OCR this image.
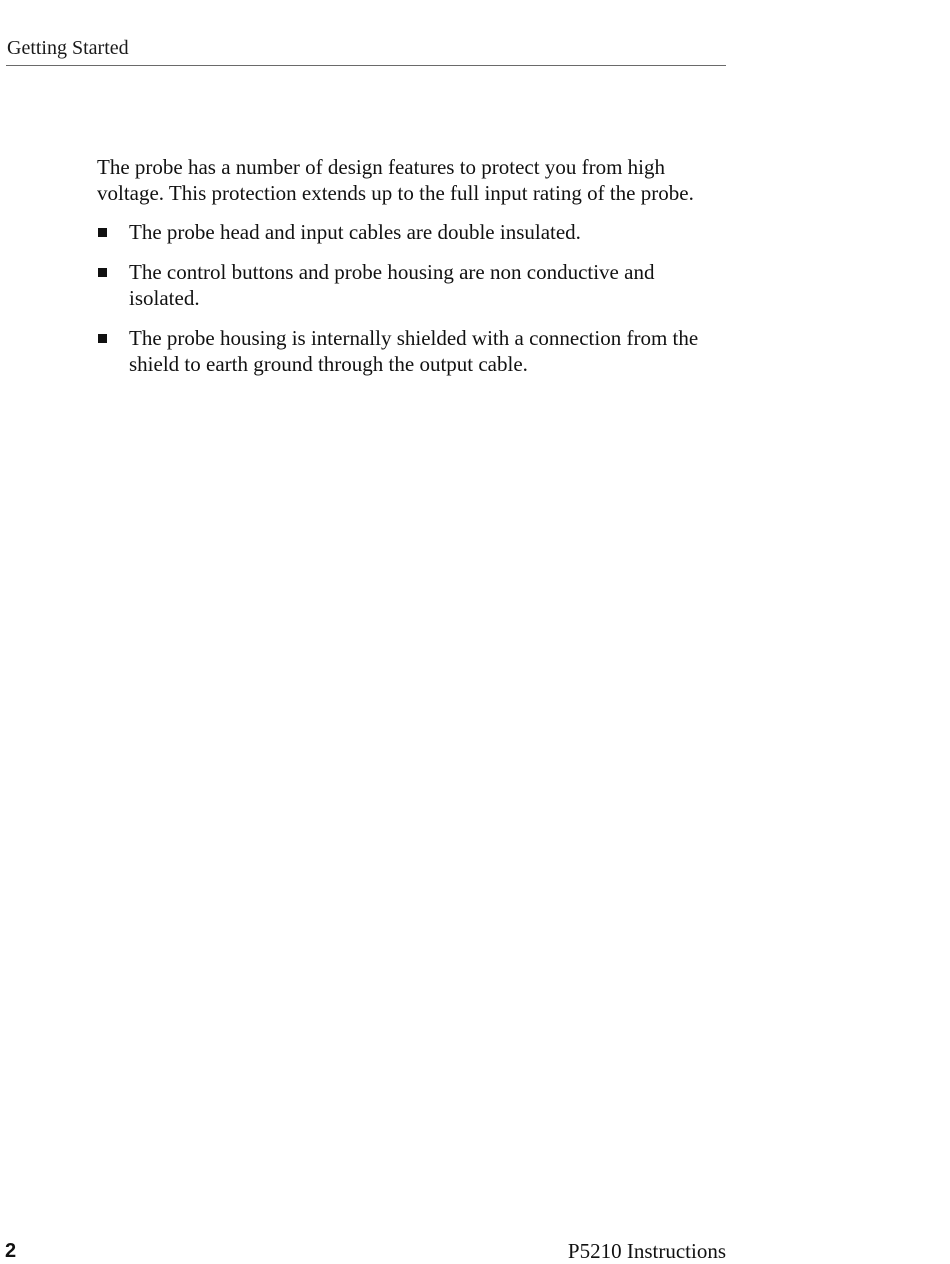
Getting Started

The probe has a number of design features to protect you from high voltage. This protection extends up to the full input rating of the probe.

The probe head and input cables are double insulated.
The control buttons and probe housing are non conductive and isolated.
The probe housing is internally shielded with a connection from the shield to earth ground through the output cable.
2	P5210 Instructions
